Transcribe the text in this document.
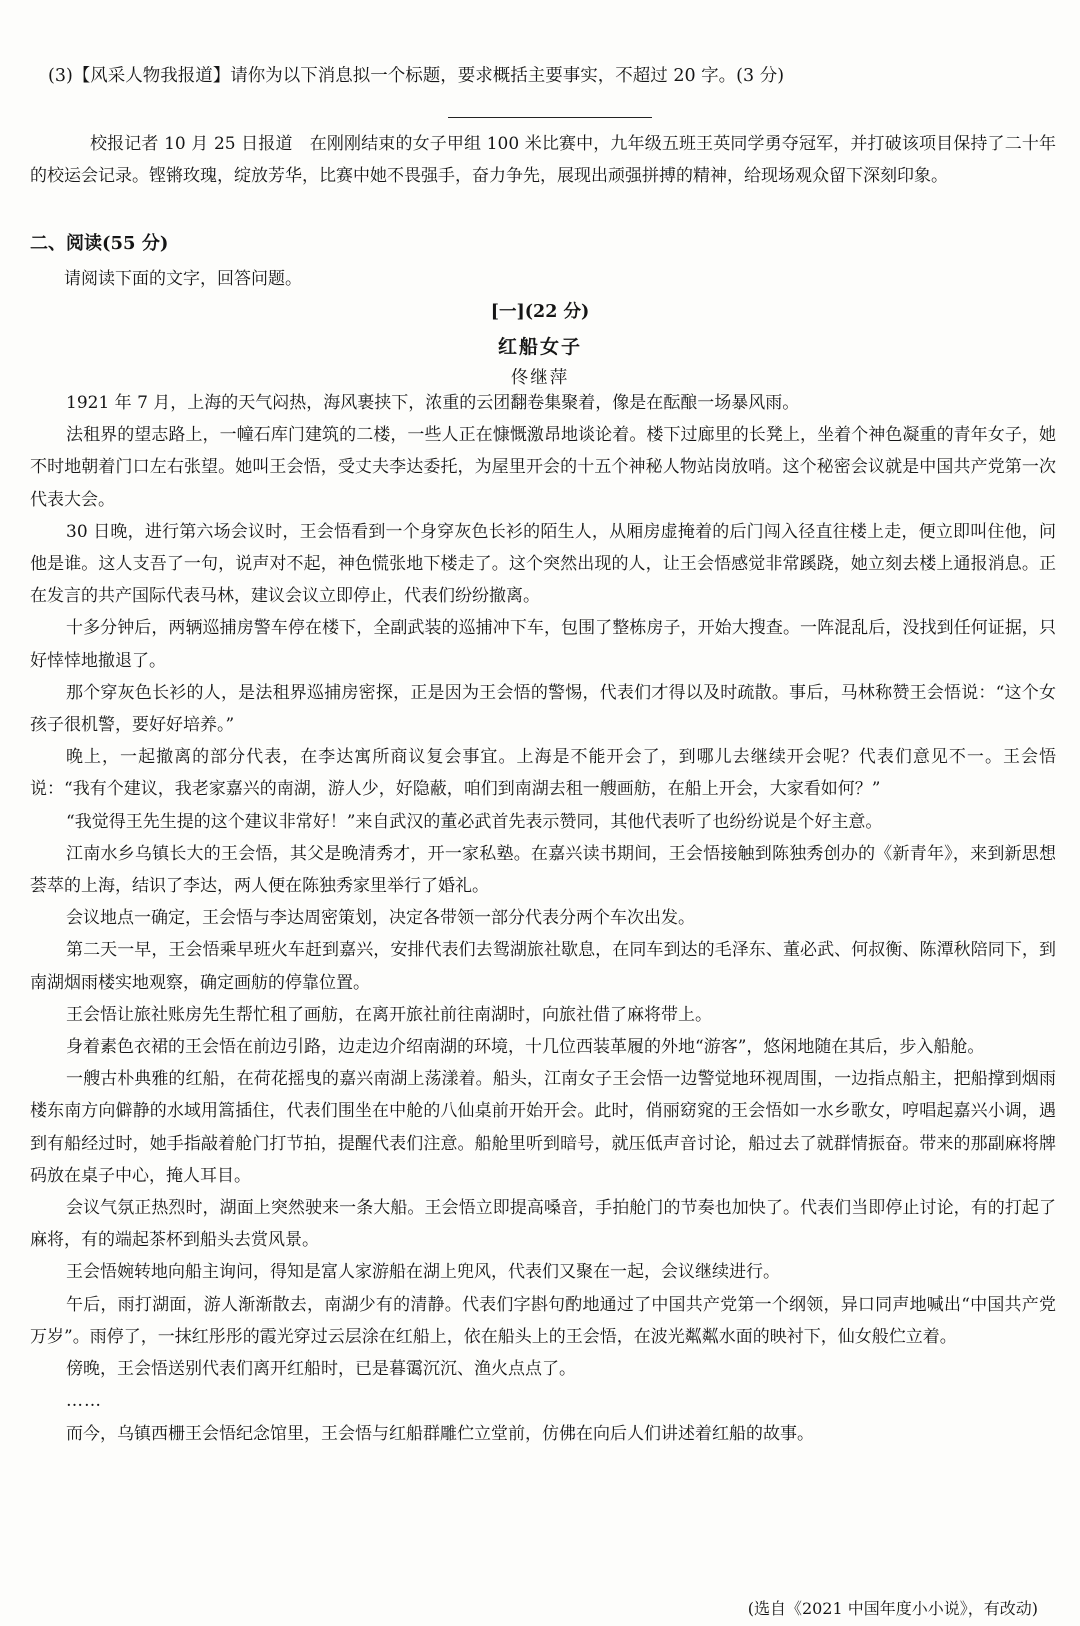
(3)【风采人物我报道】请你为以下消息拟一个标题，要求概括主要事实，不超过 20 字。(3 分)
校报记者 10 月 25 日报道　在刚刚结束的女子甲组 100 米比赛中，九年级五班王英同学勇夺冠军，并打破该项目保持了二十年的校运会记录。铿锵玫瑰，绽放芳华，比赛中她不畏强手，奋力争先，展现出顽强拼搏的精神，给现场观众留下深刻印象。
二、阅读(55 分)
请阅读下面的文字，回答问题。
[一](22 分)
红船女子
佟继萍

1921 年 7 月，上海的天气闷热，海风裹挟下，浓重的云团翻卷集聚着，像是在酝酿一场暴风雨。

法租界的望志路上，一幢石库门建筑的二楼，一些人正在慷慨激昂地谈论着。楼下过廊里的长凳上，坐着个神色凝重的青年女子，她不时地朝着门口左右张望。她叫王会悟，受丈夫李达委托，为屋里开会的十五个神秘人物站岗放哨。这个秘密会议就是中国共产党第一次代表大会。

30 日晚，进行第六场会议时，王会悟看到一个身穿灰色长衫的陌生人，从厢房虚掩着的后门闯入径直往楼上走，便立即叫住他，问他是谁。这人支吾了一句，说声对不起，神色慌张地下楼走了。这个突然出现的人，让王会悟感觉非常蹊跷，她立刻去楼上通报消息。正在发言的共产国际代表马林，建议会议立即停止，代表们纷纷撤离。

十多分钟后，两辆巡捕房警车停在楼下，全副武装的巡捕冲下车，包围了整栋房子，开始大搜查。一阵混乱后，没找到任何证据，只好悻悻地撤退了。

那个穿灰色长衫的人，是法租界巡捕房密探，正是因为王会悟的警惕，代表们才得以及时疏散。事后，马林称赞王会悟说：“这个女孩子很机警，要好好培养。”

晚上，一起撤离的部分代表，在李达寓所商议复会事宜。上海是不能开会了，到哪儿去继续开会呢？代表们意见不一。王会悟说：“我有个建议，我老家嘉兴的南湖，游人少，好隐蔽，咱们到南湖去租一艘画舫，在船上开会，大家看如何？”

“我觉得王先生提的这个建议非常好！”来自武汉的董必武首先表示赞同，其他代表听了也纷纷说是个好主意。

江南水乡乌镇长大的王会悟，其父是晚清秀才，开一家私塾。在嘉兴读书期间，王会悟接触到陈独秀创办的《新青年》，来到新思想荟萃的上海，结识了李达，两人便在陈独秀家里举行了婚礼。

会议地点一确定，王会悟与李达周密策划，决定各带领一部分代表分两个车次出发。

第二天一早，王会悟乘早班火车赶到嘉兴，安排代表们去鸳湖旅社歇息，在同车到达的毛泽东、董必武、何叔衡、陈潭秋陪同下，到南湖烟雨楼实地观察，确定画舫的停靠位置。

王会悟让旅社账房先生帮忙租了画舫，在离开旅社前往南湖时，向旅社借了麻将带上。

身着素色衣裙的王会悟在前边引路，边走边介绍南湖的环境，十几位西装革履的外地“游客”，悠闲地随在其后，步入船舱。

一艘古朴典雅的红船，在荷花摇曳的嘉兴南湖上荡漾着。船头，江南女子王会悟一边警觉地环视周围，一边指点船主，把船撑到烟雨楼东南方向僻静的水域用篙插住，代表们围坐在中舱的八仙桌前开始开会。此时，俏丽窈窕的王会悟如一水乡歌女，哼唱起嘉兴小调，遇到有船经过时，她手指敲着舱门打节拍，提醒代表们注意。船舱里听到暗号，就压低声音讨论，船过去了就群情振奋。带来的那副麻将牌码放在桌子中心，掩人耳目。

会议气氛正热烈时，湖面上突然驶来一条大船。王会悟立即提高嗓音，手拍舱门的节奏也加快了。代表们当即停止讨论，有的打起了麻将，有的端起茶杯到船头去赏风景。

王会悟婉转地向船主询问，得知是富人家游船在湖上兜风，代表们又聚在一起，会议继续进行。

午后，雨打湖面，游人渐渐散去，南湖少有的清静。代表们字斟句酌地通过了中国共产党第一个纲领，异口同声地喊出“中国共产党万岁”。雨停了，一抹红彤彤的霞光穿过云层涂在红船上，依在船头上的王会悟，在波光粼粼水面的映衬下，仙女般伫立着。

傍晚，王会悟送别代表们离开红船时，已是暮霭沉沉、渔火点点了。

……

而今，乌镇西栅王会悟纪念馆里，王会悟与红船群雕伫立堂前，仿佛在向后人们讲述着红船的故事。

(选自《2021 中国年度小小说》，有改动)
